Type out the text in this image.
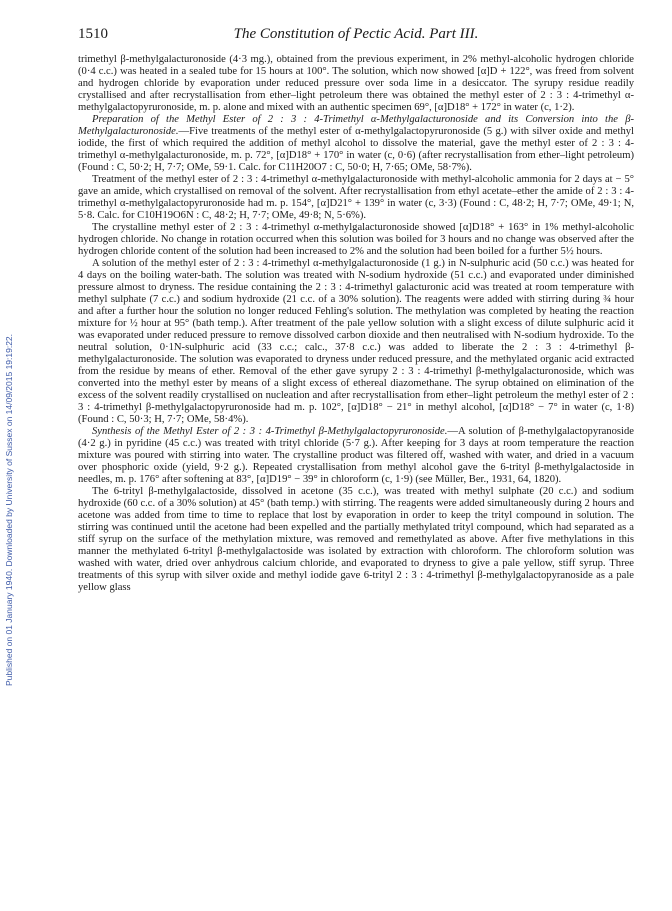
Published on 01 January 1940. Downloaded by University of Sussex on 14/09/2015 19:19:22.
1510	The Constitution of Pectic Acid. Part III.

trimethyl β-methylgalacturonoside (4·3 mg.), obtained from the previous experiment, in 2% methyl-alcoholic hydrogen chloride (0·4 c.c.) was heated in a sealed tube for 15 hours at 100°. The solution, which now showed [α]D + 122°, was freed from solvent and hydrogen chloride by evaporation under reduced pressure over soda lime in a desiccator. The syrupy residue readily crystallised and after recrystallisation from ether–light petroleum there was obtained the methyl ester of 2 : 3 : 4-trimethyl α-methylgalactopyruronoside, m. p. alone and mixed with an authentic specimen 69°, [α]D18° + 172° in water (c, 1·2).

Preparation of the Methyl Ester of 2 : 3 : 4-Trimethyl α-Methylgalacturonoside and its Conversion into the β-Methylgalacturonoside.—Five treatments of the methyl ester of α-methylgalactopyruronoside (5 g.) with silver oxide and methyl iodide, the first of which required the addition of methyl alcohol to dissolve the material, gave the methyl ester of 2 : 3 : 4-trimethyl α-methylgalacturonoside, m. p. 72°, [α]D18° + 170° in water (c, 0·6) (after recrystallisation from ether–light petroleum) (Found : C, 50·2; H, 7·7; OMe, 59·1. Calc. for C11H20O7 : C, 50·0; H, 7·65; OMe, 58·7%).

Treatment of the methyl ester of 2 : 3 : 4-trimethyl α-methylgalacturonoside with methyl-alcoholic ammonia for 2 days at − 5° gave an amide, which crystallised on removal of the solvent. After recrystallisation from ethyl acetate–ether the amide of 2 : 3 : 4-trimethyl α-methylgalactopyruronoside had m. p. 154°, [α]D21° + 139° in water (c, 3·3) (Found : C, 48·2; H, 7·7; OMe, 49·1; N, 5·8. Calc. for C10H19O6N : C, 48·2; H, 7·7; OMe, 49·8; N, 5·6%).

The crystalline methyl ester of 2 : 3 : 4-trimethyl α-methylgalacturonoside showed [α]D18° + 163° in 1% methyl-alcoholic hydrogen chloride. No change in rotation occurred when this solution was boiled for 3 hours and no change was observed after the hydrogen chloride content of the solution had been increased to 2% and the solution had been boiled for a further 5½ hours.

A solution of the methyl ester of 2 : 3 : 4-trimethyl α-methylgalacturonoside (1 g.) in N-sulphuric acid (50 c.c.) was heated for 4 days on the boiling water-bath. The solution was treated with N-sodium hydroxide (51 c.c.) and evaporated under diminished pressure almost to dryness. The residue containing the 2 : 3 : 4-trimethyl galacturonic acid was treated at room temperature with methyl sulphate (7 c.c.) and sodium hydroxide (21 c.c. of a 30% solution). The reagents were added with stirring during ¾ hour and after a further hour the solution no longer reduced Fehling's solution. The methylation was completed by heating the reaction mixture for ½ hour at 95° (bath temp.). After treatment of the pale yellow solution with a slight excess of dilute sulphuric acid it was evaporated under reduced pressure to remove dissolved carbon dioxide and then neutralised with N-sodium hydroxide. To the neutral solution, 0·1N-sulphuric acid (33 c.c.; calc., 37·8 c.c.) was added to liberate the 2 : 3 : 4-trimethyl β-methylgalacturonoside. The solution was evaporated to dryness under reduced pressure, and the methylated organic acid extracted from the residue by means of ether. Removal of the ether gave syrupy 2 : 3 : 4-trimethyl β-methylgalacturonoside, which was converted into the methyl ester by means of a slight excess of ethereal diazomethane. The syrup obtained on elimination of the excess of the solvent readily crystallised on nucleation and after recrystallisation from ether–light petroleum the methyl ester of 2 : 3 : 4-trimethyl β-methylgalactopyruronoside had m. p. 102°, [α]D18° − 21° in methyl alcohol, [α]D18° − 7° in water (c, 1·8) (Found : C, 50·3; H, 7·7; OMe, 58·4%).

Synthesis of the Methyl Ester of 2 : 3 : 4-Trimethyl β-Methylgalactopyruronoside.—A solution of β-methylgalactopyranoside (4·2 g.) in pyridine (45 c.c.) was treated with trityl chloride (5·7 g.). After keeping for 3 days at room temperature the reaction mixture was poured with stirring into water. The crystalline product was filtered off, washed with water, and dried in a vacuum over phosphoric oxide (yield, 9·2 g.). Repeated crystallisation from methyl alcohol gave the 6-trityl β-methylgalactoside in needles, m. p. 176° after softening at 83°, [α]D19° − 39° in chloroform (c, 1·9) (see Müller, Ber., 1931, 64, 1820).

The 6-trityl β-methylgalactoside, dissolved in acetone (35 c.c.), was treated with methyl sulphate (20 c.c.) and sodium hydroxide (60 c.c. of a 30% solution) at 45° (bath temp.) with stirring. The reagents were added simultaneously during 2 hours and acetone was added from time to time to replace that lost by evaporation in order to keep the trityl compound in solution. The stirring was continued until the acetone had been expelled and the partially methylated trityl compound, which had separated as a stiff syrup on the surface of the methylation mixture, was removed and remethylated as above. After five methylations in this manner the methylated 6-trityl β-methylgalactoside was isolated by extraction with chloroform. The chloroform solution was washed with water, dried over anhydrous calcium chloride, and evaporated to dryness to give a pale yellow, stiff syrup. Three treatments of this syrup with silver oxide and methyl iodide gave 6-trityl 2 : 3 : 4-trimethyl β-methylgalactopyranoside as a pale yellow glass
